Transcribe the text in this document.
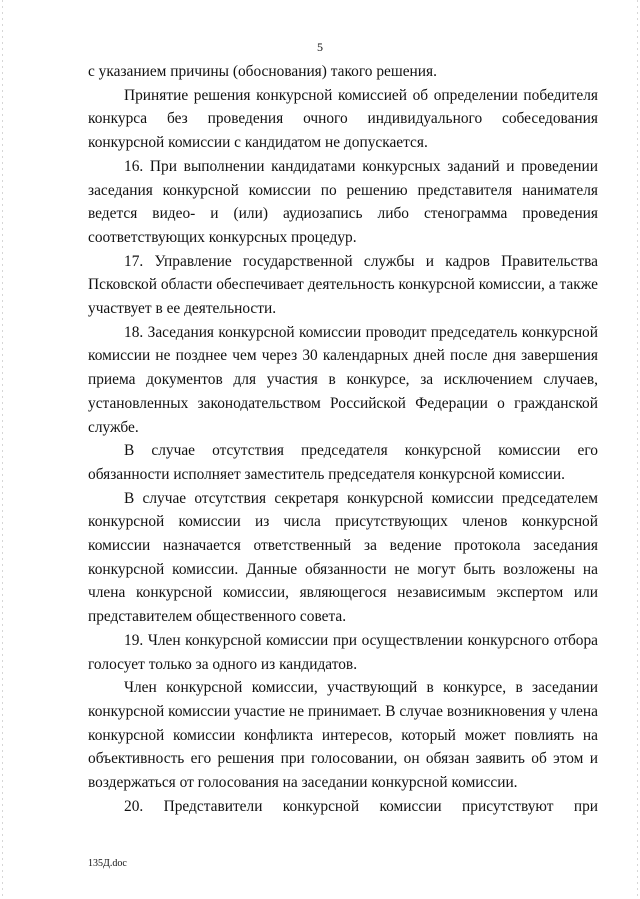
5

с указанием причины (обоснования) такого решения.

Принятие решения конкурсной комиссией об определении победителя конкурса без проведения очного индивидуального собеседования конкурсной комиссии с кандидатом не допускается.

16. При выполнении кандидатами конкурсных заданий и проведении заседания конкурсной комиссии по решению представителя нанимателя ведется видео- и (или) аудиозапись либо стенограмма проведения соответствующих конкурсных процедур.

17. Управление государственной службы и кадров Правительства Псковской области обеспечивает деятельность конкурсной комиссии, а также участвует в ее деятельности.

18. Заседания конкурсной комиссии проводит председатель конкурсной комиссии не позднее чем через 30 календарных дней после дня завершения приема документов для участия в конкурсе, за исключением случаев, установленных законодательством Российской Федерации о гражданской службе.

В случае отсутствия председателя конкурсной комиссии его обязанности исполняет заместитель председателя конкурсной комиссии.

В случае отсутствия секретаря конкурсной комиссии председателем конкурсной комиссии из числа присутствующих членов конкурсной комиссии назначается ответственный за ведение протокола заседания конкурсной комиссии. Данные обязанности не могут быть возложены на члена конкурсной комиссии, являющегося независимым экспертом или представителем общественного совета.

19. Член конкурсной комиссии при осуществлении конкурсного отбора голосует только за одного из кандидатов.

Член конкурсной комиссии, участвующий в конкурсе, в заседании конкурсной комиссии участие не принимает. В случае возникновения у члена конкурсной комиссии конфликта интересов, который может повлиять на объективность его решения при голосовании, он обязан заявить об этом и воздержаться от голосования на заседании конкурсной комиссии.

20. Представители конкурсной комиссии присутствуют при

135Д.doc
